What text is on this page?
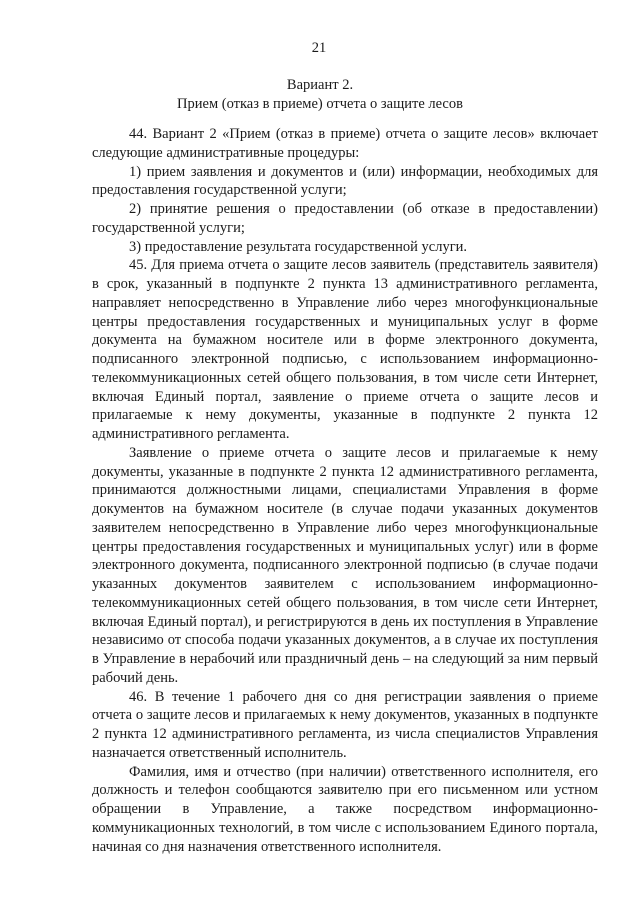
21
Вариант 2.
Прием (отказ в приеме) отчета о защите лесов

44. Вариант 2 «Прием (отказ в приеме) отчета о защите лесов» включает следующие административные процедуры:

1) прием заявления и документов и (или) информации, необходимых для предоставления государственной услуги;

2) принятие решения о предоставлении (об отказе в предоставлении) государственной услуги;

3) предоставление результата государственной услуги.

45. Для приема отчета о защите лесов заявитель (представитель заявителя) в срок, указанный в подпункте 2 пункта 13 административного регламента, направляет непосредственно в Управление либо через многофункциональные центры предоставления государственных и муниципальных услуг в форме документа на бумажном носителе или в форме электронного документа, подписанного электронной подписью, с использованием информационно-телекоммуникационных сетей общего пользования, в том числе сети Интернет, включая Единый портал, заявление о приеме отчета о защите лесов и прилагаемые к нему документы, указанные в подпункте 2 пункта 12 административного регламента.

Заявление о приеме отчета о защите лесов и прилагаемые к нему документы, указанные в подпункте 2 пункта 12 административного регламента, принимаются должностными лицами, специалистами Управления в форме документов на бумажном носителе (в случае подачи указанных документов заявителем непосредственно в Управление либо через многофункциональные центры предоставления государственных и муниципальных услуг) или в форме электронного документа, подписанного электронной подписью (в случае подачи указанных документов заявителем с использованием информационно-телекоммуникационных сетей общего пользования, в том числе сети Интернет, включая Единый портал), и регистрируются в день их поступления в Управление независимо от способа подачи указанных документов, а в случае их поступления в Управление в нерабочий или праздничный день – на следующий за ним первый рабочий день.

46. В течение 1 рабочего дня со дня регистрации заявления о приеме отчета о защите лесов и прилагаемых к нему документов, указанных в подпункте 2 пункта 12 административного регламента, из числа специалистов Управления назначается ответственный исполнитель.

Фамилия, имя и отчество (при наличии) ответственного исполнителя, его должность и телефон сообщаются заявителю при его письменном или устном обращении в Управление, а также посредством информационно-коммуникационных технологий, в том числе с использованием Единого портала, начиная со дня назначения ответственного исполнителя.
